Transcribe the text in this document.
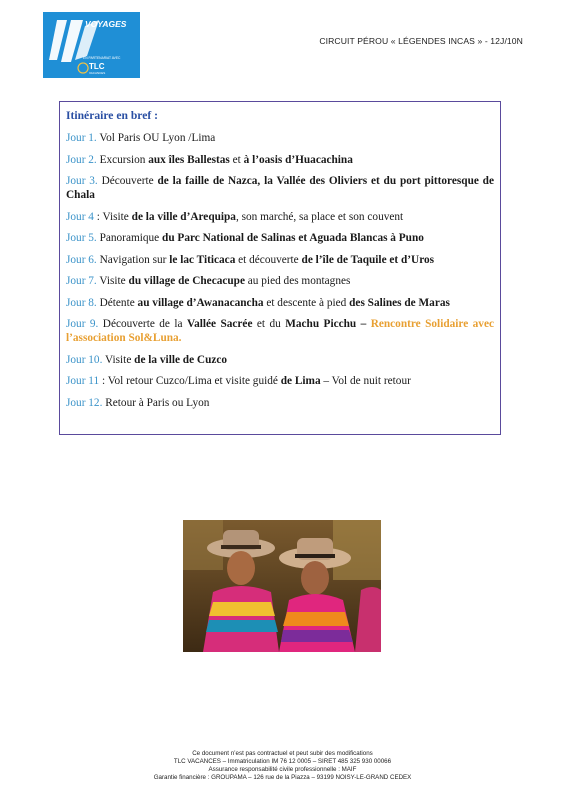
VOYAGES
EN PARTENARIAT AVEC
TLC
VACANCES
CIRCUIT PÉROU « LÉGENDES INCAS » - 12J/10N
Itinéraire en bref :
Jour 1. Vol Paris OU Lyon /Lima
Jour 2. Excursion aux îles Ballestas et à l’oasis d’Huacachina
Jour 3. Découverte de la faille de Nazca, la Vallée des Oliviers et du port pittoresque de Chala
Jour 4 : Visite de la ville d’Arequipa, son marché, sa place et son couvent
Jour 5. Panoramique du Parc National de Salinas et Aguada Blancas à Puno
Jour 6. Navigation sur le lac Titicaca et découverte de l’île de Taquile et d’Uros
Jour 7. Visite du village de Checacupe au pied des montagnes
Jour 8. Détente au village d’Awanacancha et descente à pied des Salines de Maras
Jour 9. Découverte de la Vallée Sacrée et du Machu Picchu – Rencontre Solidaire avec l’association Sol&Luna.
Jour 10. Visite de la ville de Cuzco
Jour 11 : Vol retour Cuzco/Lima et visite guidé de Lima – Vol de nuit retour
Jour 12. Retour à Paris ou Lyon
Ce document n’est pas contractuel et peut subir des modifications
TLC VACANCES – Immatriculation IM 76 12 0005 – SIRET 485 325 930 00066
Assurance responsabilité civile professionnelle : MAIF
Garantie financière : GROUPAMA – 126 rue de la Piazza – 93199 NOISY-LE-GRAND CEDEX
